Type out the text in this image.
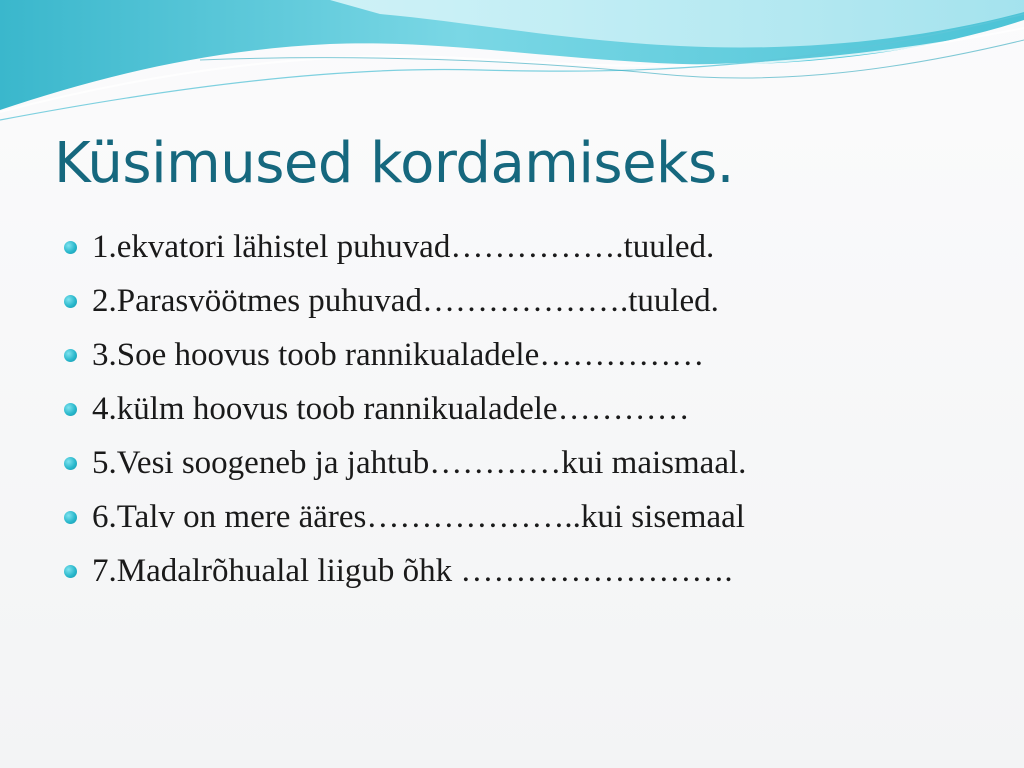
Küsimused kordamiseks.
1.ekvatori lähistel puhuvad…………….tuuled.
2.Parasvöötmes puhuvad……………….tuuled.
3.Soe hoovus toob rannikualadele……………
4.külm hoovus toob rannikualadele…………
5.Vesi soogeneb ja jahtub…………kui maismaal.
6.Talv on mere ääres………………..kui sisemaal
7.Madalrõhualal liigub õhk …………………….
